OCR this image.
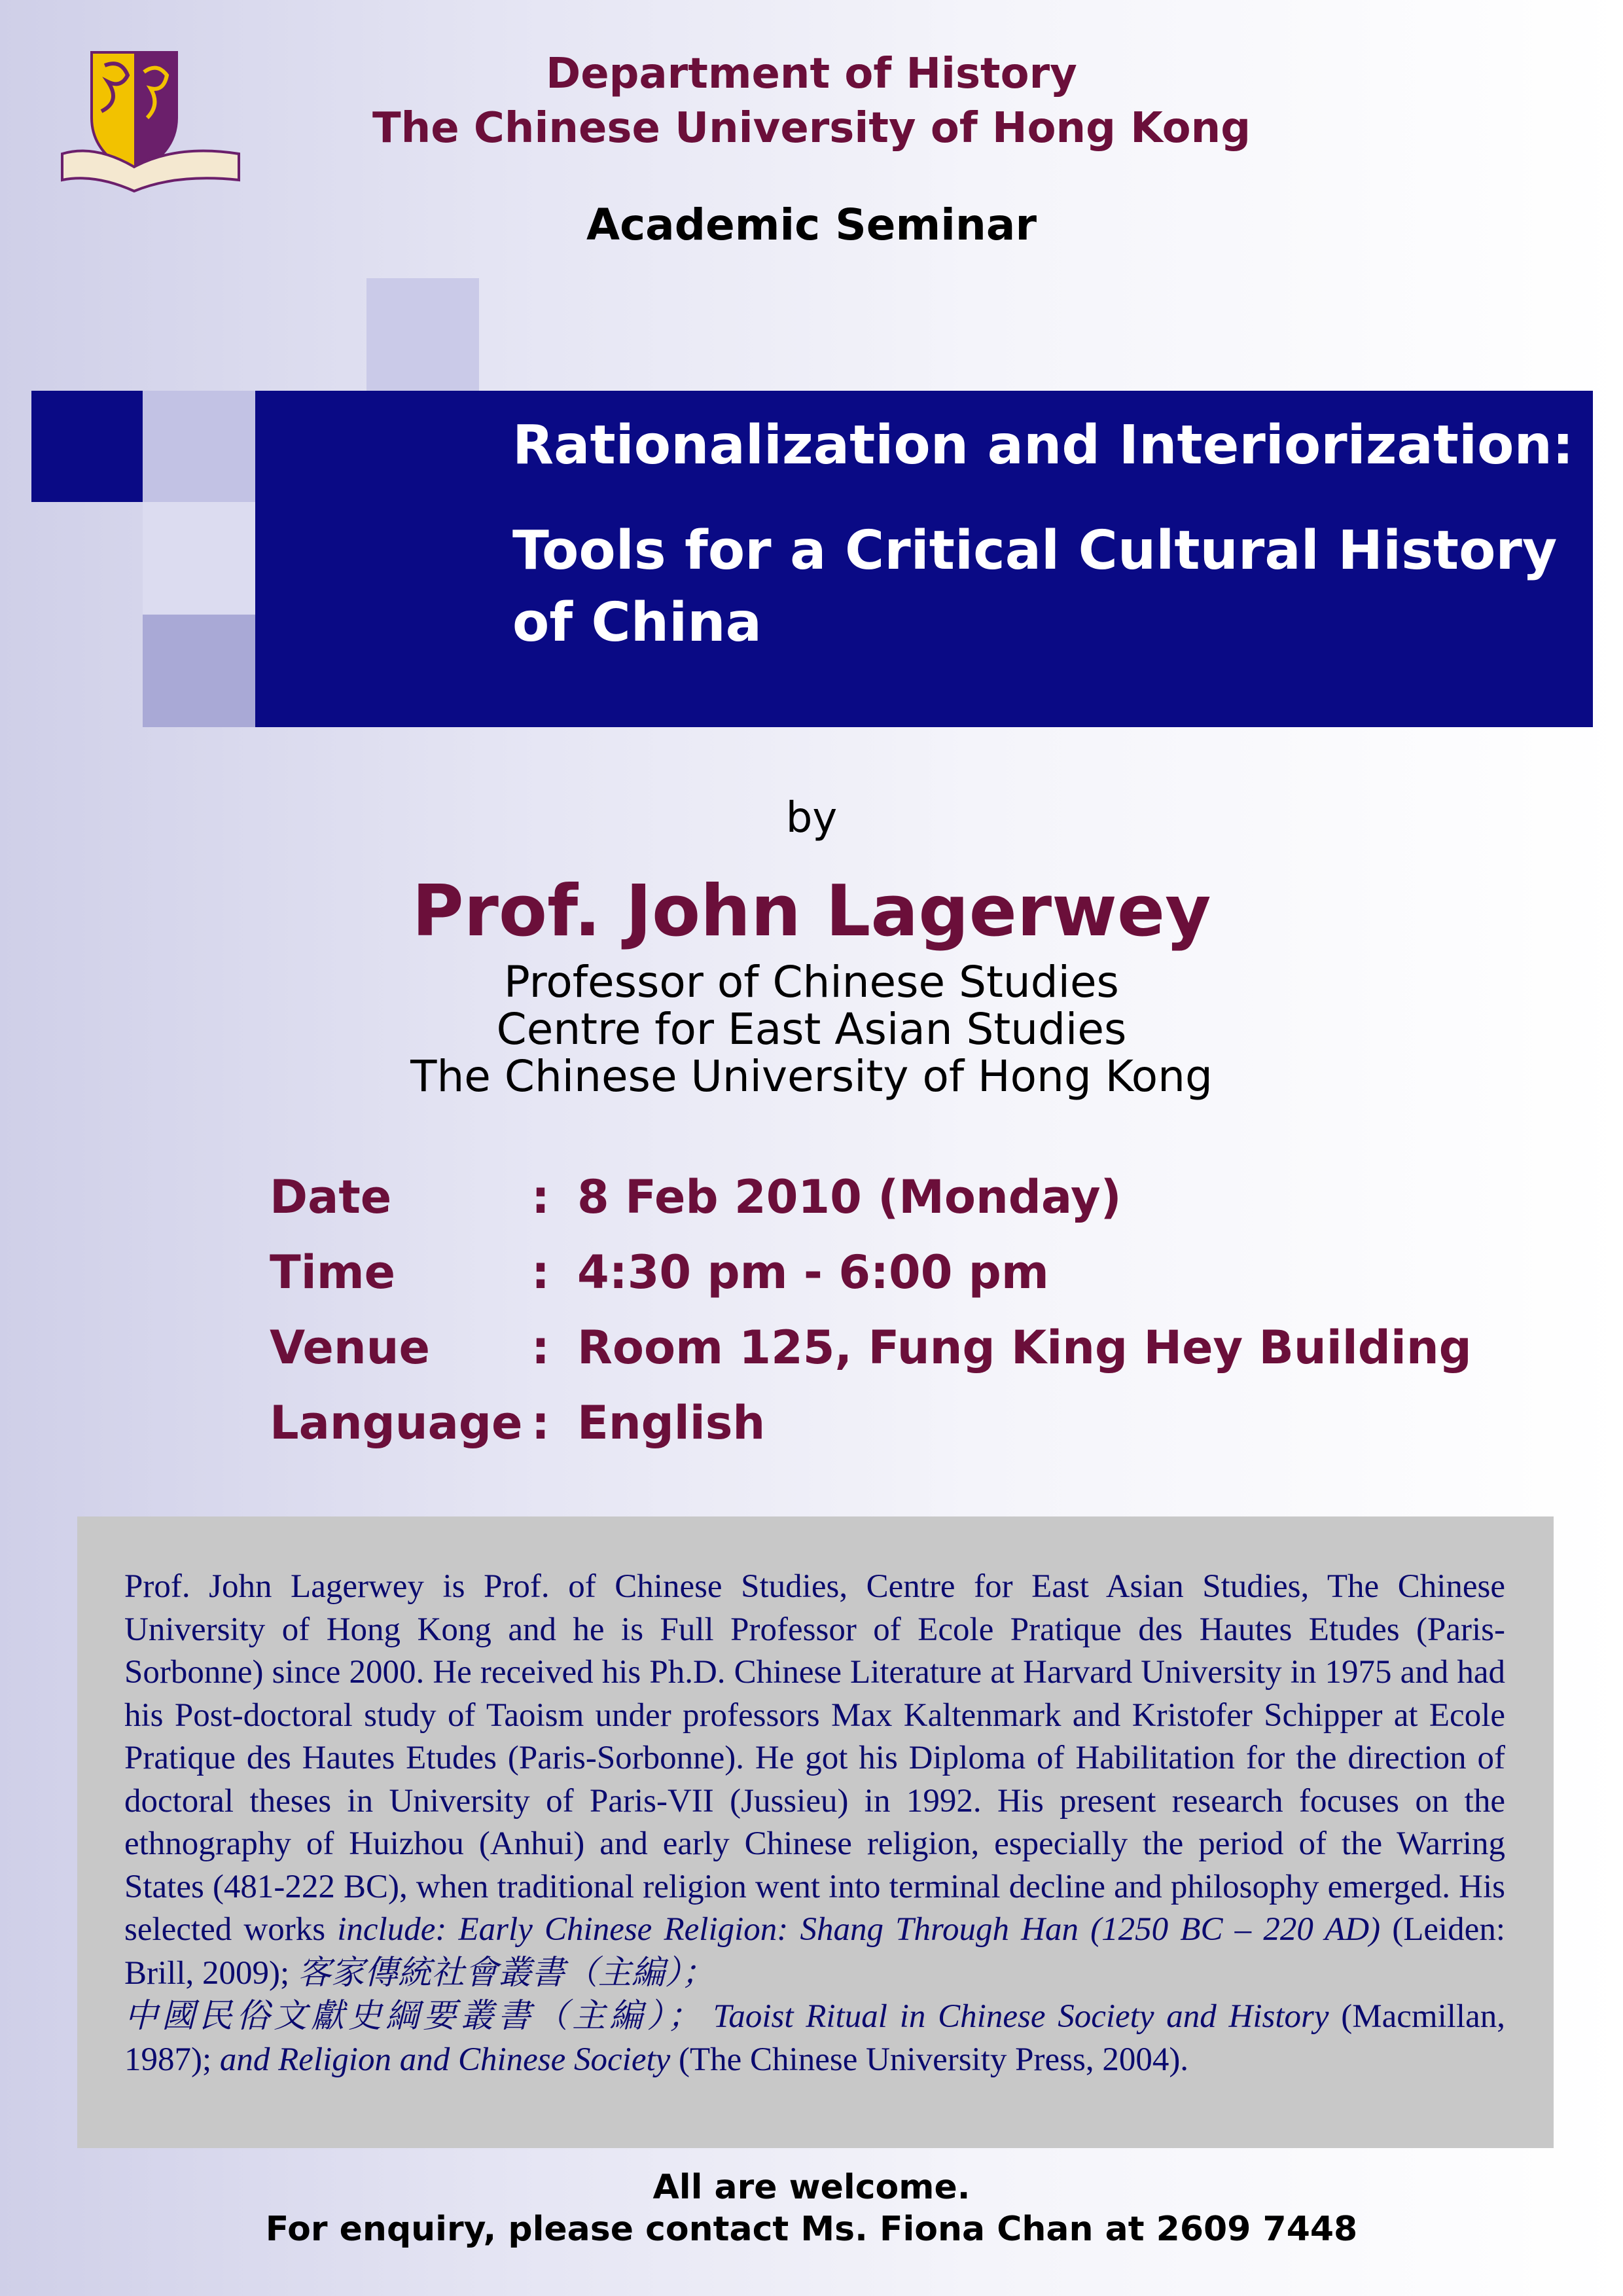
Department of History
The Chinese University of Hong Kong
Academic Seminar
Rationalization and Interiorization:
Tools for a Critical Cultural History
of China
by
Prof. John Lagerwey
Professor of Chinese Studies
Centre for East Asian Studies
The Chinese University of Hong Kong
Date	: 8 Feb 2010 (Monday)
Time	: 4:30 pm - 6:00 pm
Venue : Room 125, Fung King Hey Building
Language : English
Prof. John Lagerwey is Prof. of Chinese Studies, Centre for East Asian Studies, The Chinese University of Hong Kong and he is Full Professor of Ecole Pratique des Hautes Etudes (Paris-Sorbonne) since 2000. He received his Ph.D. Chinese Literature at Harvard University in 1975 and had his Post-doctoral study of Taoism under professors Max Kaltenmark and Kristofer Schipper at Ecole Pratique des Hautes Etudes (Paris-Sorbonne). He got his Diploma of Habilitation for the direction of doctoral theses in University of Paris-VII (Jussieu) in 1992. His present research focuses on the ethnography of Huizhou (Anhui) and early Chinese religion, especially the period of the Warring States (481-222 BC), when traditional religion went into terminal decline and philosophy emerged. His selected works include: Early Chinese Religion: Shang Through Han (1250 BC – 220 AD) (Leiden: Brill, 2009); 客家傳統社會叢書（主編）；
中國民俗文獻史綱要叢書（主編）； Taoist Ritual in Chinese Society and History (Macmillan, 1987); and Religion and Chinese Society (The Chinese University Press, 2004).
All are welcome.
For enquiry, please contact Ms. Fiona Chan at 2609 7448
